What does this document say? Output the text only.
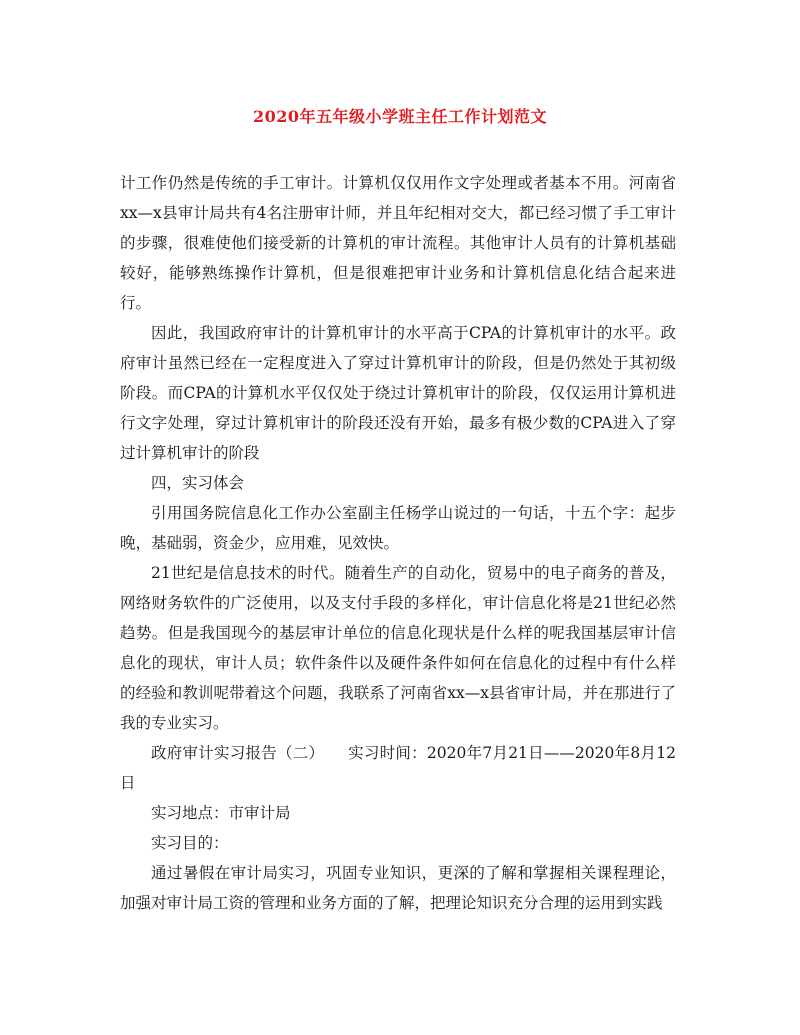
2020年五年级小学班主任工作计划范文

计工作仍然是传统的手工审计。计算机仅仅用作文字处理或者基本不用。河南省xx—x县审计局共有4名注册审计师，并且年纪相对交大，都已经习惯了手工审计的步骤，很难使他们接受新的计算机的审计流程。其他审计人员有的计算机基础较好，能够熟练操作计算机，但是很难把审计业务和计算机信息化结合起来进行。

因此，我国政府审计的计算机审计的水平高于CPA的计算机审计的水平。政府审计虽然已经在一定程度进入了穿过计算机审计的阶段，但是仍然处于其初级阶段。而CPA的计算机水平仅仅处于绕过计算机审计的阶段，仅仅运用计算机进行文字处理，穿过计算机审计的阶段还没有开始，最多有极少数的CPA进入了穿过计算机审计的阶段

四，实习体会

引用国务院信息化工作办公室副主任杨学山说过的一句话，十五个字：起步晚，基础弱，资金少，应用难，见效快。

21世纪是信息技术的时代。随着生产的自动化，贸易中的电子商务的普及，网络财务软件的广泛使用，以及支付手段的多样化，审计信息化将是21世纪必然趋势。但是我国现今的基层审计单位的信息化现状是什么样的呢我国基层审计信息化的现状，审计人员；软件条件以及硬件条件如何在信息化的过程中有什么样的经验和教训呢带着这个问题，我联系了河南省xx—x县省审计局，并在那进行了我的专业实习。

政府审计实习报告（二）　　实习时间：2020年7月21日——2020年8月12日

实习地点：市审计局

实习目的：

通过暑假在审计局实习，巩固专业知识，更深的了解和掌握相关课程理论，加强对审计局工资的管理和业务方面的了解，把理论知识充分合理的运用到实践
